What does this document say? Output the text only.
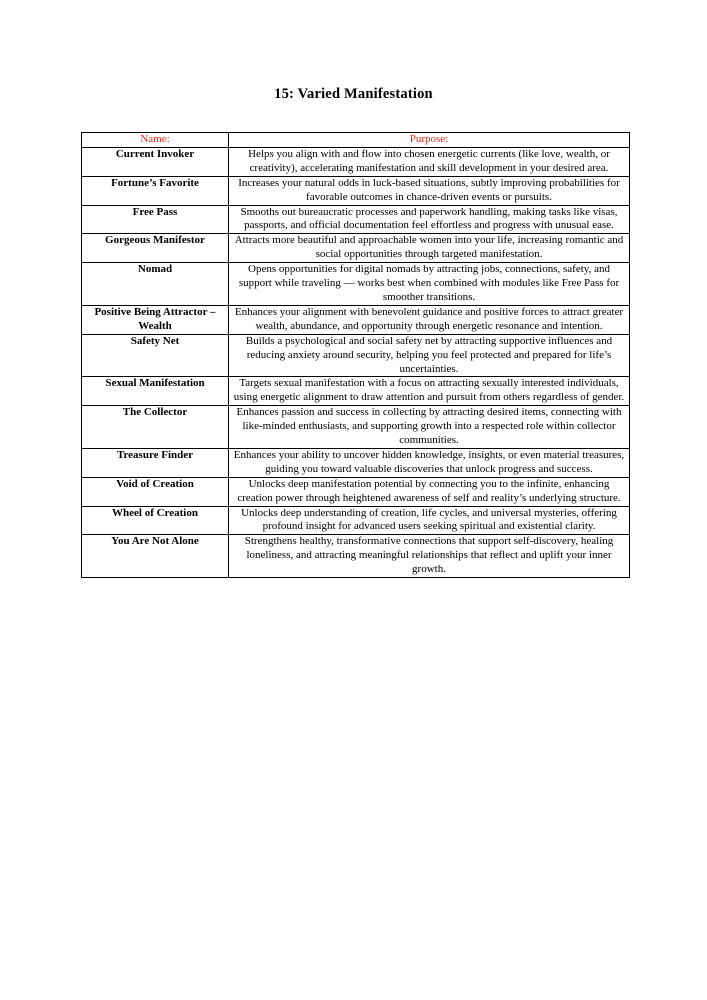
15: Varied Manifestation
Name:	Purpose:
Current Invoker	Helps you align with and flow into chosen energetic currents (like love, wealth, or creativity), accelerating manifestation and skill development in your desired area.
Fortune’s Favorite	Increases your natural odds in luck-based situations, subtly improving probabilities for favorable outcomes in chance-driven events or pursuits.
Free Pass	Smooths out bureaucratic processes and paperwork handling, making tasks like visas, passports, and official documentation feel effortless and progress with unusual ease.
Gorgeous Manifestor	Attracts more beautiful and approachable women into your life, increasing romantic and social opportunities through targeted manifestation.
Nomad	Opens opportunities for digital nomads by attracting jobs, connections, safety, and support while traveling — works best when combined with modules like Free Pass for smoother transitions.
Positive Being Attractor – Wealth	Enhances your alignment with benevolent guidance and positive forces to attract greater wealth, abundance, and opportunity through energetic resonance and intention.
Safety Net	Builds a psychological and social safety net by attracting supportive influences and reducing anxiety around security, helping you feel protected and prepared for life’s uncertainties.
Sexual Manifestation	Targets sexual manifestation with a focus on attracting sexually interested individuals, using energetic alignment to draw attention and pursuit from others regardless of gender.
The Collector	Enhances passion and success in collecting by attracting desired items, connecting with like-minded enthusiasts, and supporting growth into a respected role within collector communities.
Treasure Finder	Enhances your ability to uncover hidden knowledge, insights, or even material treasures, guiding you toward valuable discoveries that unlock progress and success.
Void of Creation	Unlocks deep manifestation potential by connecting you to the infinite, enhancing creation power through heightened awareness of self and reality’s underlying structure.
Wheel of Creation	Unlocks deep understanding of creation, life cycles, and universal mysteries, offering profound insight for advanced users seeking spiritual and existential clarity.
You Are Not Alone	Strengthens healthy, transformative connections that support self-discovery, healing loneliness, and attracting meaningful relationships that reflect and uplift your inner growth.
